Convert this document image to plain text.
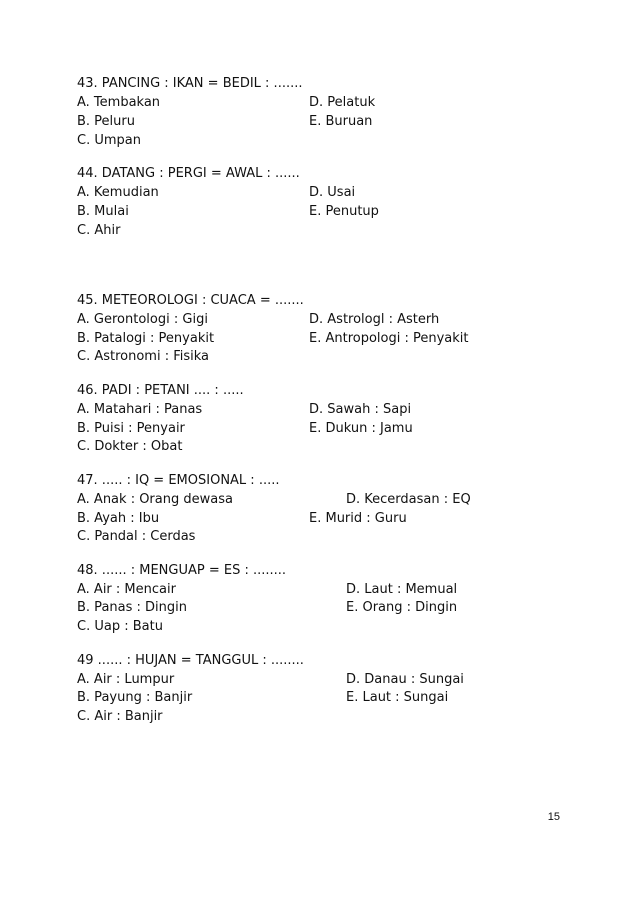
43. PANCING : IKAN = BEDIL : .......
A. Tembakan	D. Pelatuk
B. Peluru	E. Buruan
C. Umpan
44. DATANG : PERGI = AWAL : ......
A. Kemudian	D. Usai
B. Mulai	E. Penutup
C. Ahir
45. METEOROLOGI : CUACA = .......
A. Gerontologi : Gigi	D. Astrologl : Asterh
B. Patalogi : Penyakit	E. Antropologi : Penyakit
C. Astronomi : Fisika
46. PADI : PETANI .... : .....
A. Matahari : Panas	D. Sawah : Sapi
B. Puisi : Penyair	E. Dukun : Jamu
C. Dokter : Obat
47. ..... : IQ = EMOSIONAL : .....
A. Anak : Orang dewasa	D. Kecerdasan : EQ
B. Ayah : Ibu	E. Murid : Guru
C. Pandal : Cerdas
48. ...... : MENGUAP = ES : ........
A. Air : Mencair	D. Laut : Memual
B. Panas : Dingin	E. Orang : Dingin
C. Uap : Batu
49 ...... : HUJAN = TANGGUL : ........
A. Air : Lumpur	D. Danau : Sungai
B. Payung : Banjir	E. Laut : Sungai
C. Air : Banjir
15
